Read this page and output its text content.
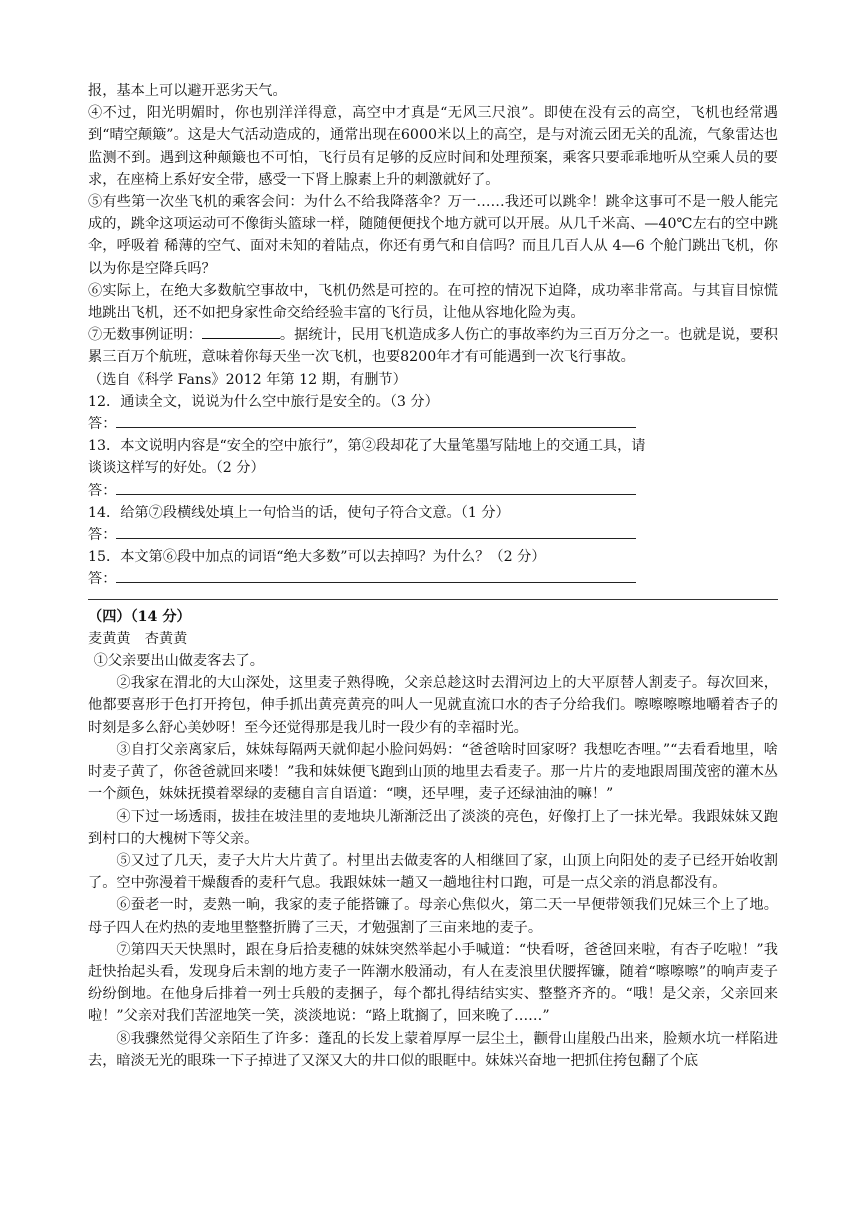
报，基本上可以避开恶劣天气。

④不过，阳光明媚时，你也别洋洋得意，高空中才真是“无风三尺浪”。即使在没有云的高空，飞机也经常遇到“晴空颠簸”。这是大气活动造成的，通常出现在6000米以上的高空，是与对流云团无关的乱流，气象雷达也监测不到。遇到这种颠簸也不可怕，飞行员有足够的反应时间和处理预案，乘客只要乖乖地听从空乘人员的要求，在座椅上系好安全带，感受一下肾上腺素上升的刺激就好了。

⑤有些第一次坐飞机的乘客会问：为什么不给我降落伞？万一……我还可以跳伞！跳伞这事可不是一般人能完成的，跳伞这项运动可不像街头篮球一样，随随便便找个地方就可以开展。从几千米高、—40℃左右的空中跳伞，呼吸着 稀薄的空气、面对未知的着陆点，你还有勇气和自信吗？而且几百人从 4—6 个舱门跳出飞机，你以为你是空降兵吗？

⑥实际上，在绝大多数航空事故中，飞机仍然是可控的。在可控的情况下迫降，成功率非常高。与其盲目惊慌地跳出飞机，还不如把身家性命交给经验丰富的飞行员，让他从容地化险为夷。

⑦无数事例证明：	。据统计，民用飞机造成多人伤亡的事故率约为三百万分之一。也就是说，要积累三百万个航班，意味着你每天坐一次飞机，也要8200年才有可能遇到一次飞行事故。

（选自《科学 Fans》2012 年第 12 期，有删节）

12．通读全文，说说为什么空中旅行是安全的。（3 分）

答：

13．本文说明内容是“安全的空中旅行”，第②段却花了大量笔墨写陆地上的交通工具，请

谈谈这样写的好处。（2 分）

答：

14．给第⑦段横线处填上一句恰当的话，使句子符合文意。（1 分）

答：

15．本文第⑥段中加点的词语“绝大多数”可以去掉吗？为什么？（2 分）

答：

（四）（14 分）

麦黄黄　杏黄黄

①父亲要出山做麦客去了。

②我家在渭北的大山深处，这里麦子熟得晚，父亲总趁这时去渭河边上的大平原替人割麦子。每次回来，他都要喜形于色打开挎包，伸手抓出黄亮黄亮的叫人一见就直流口水的杏子分给我们。嚓嚓嚓嚓地嚼着杏子的时刻是多么舒心美妙呀！至今还觉得那是我儿时一段少有的幸福时光。

③自打父亲离家后，妹妹每隔两天就仰起小脸问妈妈：“爸爸啥时回家呀？我想吃杏哩。”“去看看地里，啥时麦子黄了，你爸爸就回来喽！”我和妹妹便飞跑到山顶的地里去看麦子。那一片片的麦地跟周围茂密的灌木丛一个颜色，妹妹抚摸着翠绿的麦穗自言自语道：“噢，还早哩，麦子还绿油油的嘛！”

④下过一场透雨，拔挂在坡洼里的麦地块儿渐渐泛出了淡淡的亮色，好像打上了一抹光晕。我跟妹妹又跑到村口的大槐树下等父亲。

⑤又过了几天，麦子大片大片黄了。村里出去做麦客的人相继回了家，山顶上向阳处的麦子已经开始收割了。空中弥漫着干燥馥香的麦秆气息。我跟妹妹一趟又一趟地往村口跑，可是一点父亲的消息都没有。

⑥蚕老一时，麦熟一晌，我家的麦子能搭镰了。母亲心焦似火，第二天一早便带领我们兄妹三个上了地。母子四人在灼热的麦地里整整折腾了三天，才勉强割了三亩来地的麦子。

⑦第四天天快黑时，跟在身后拾麦穗的妹妹突然举起小手喊道：“快看呀，爸爸回来啦，有杏子吃啦！”我赶快抬起头看，发现身后未割的地方麦子一阵潮水般涌动，有人在麦浪里伏腰挥镰，随着“嚓嚓嚓”的响声麦子纷纷倒地。在他身后排着一列士兵般的麦捆子，每个都扎得结结实实、整整齐齐的。“哦！是父亲，父亲回来啦！”父亲对我们苦涩地笑一笑，淡淡地说：“路上耽搁了，回来晚了……”

⑧我骤然觉得父亲陌生了许多：蓬乱的长发上蒙着厚厚一层尘土，颧骨山崖般凸出来，脸颊水坑一样陷进去，暗淡无光的眼珠一下子掉进了又深又大的井口似的眼眶中。妹妹兴奋地一把抓住挎包翻了个底
